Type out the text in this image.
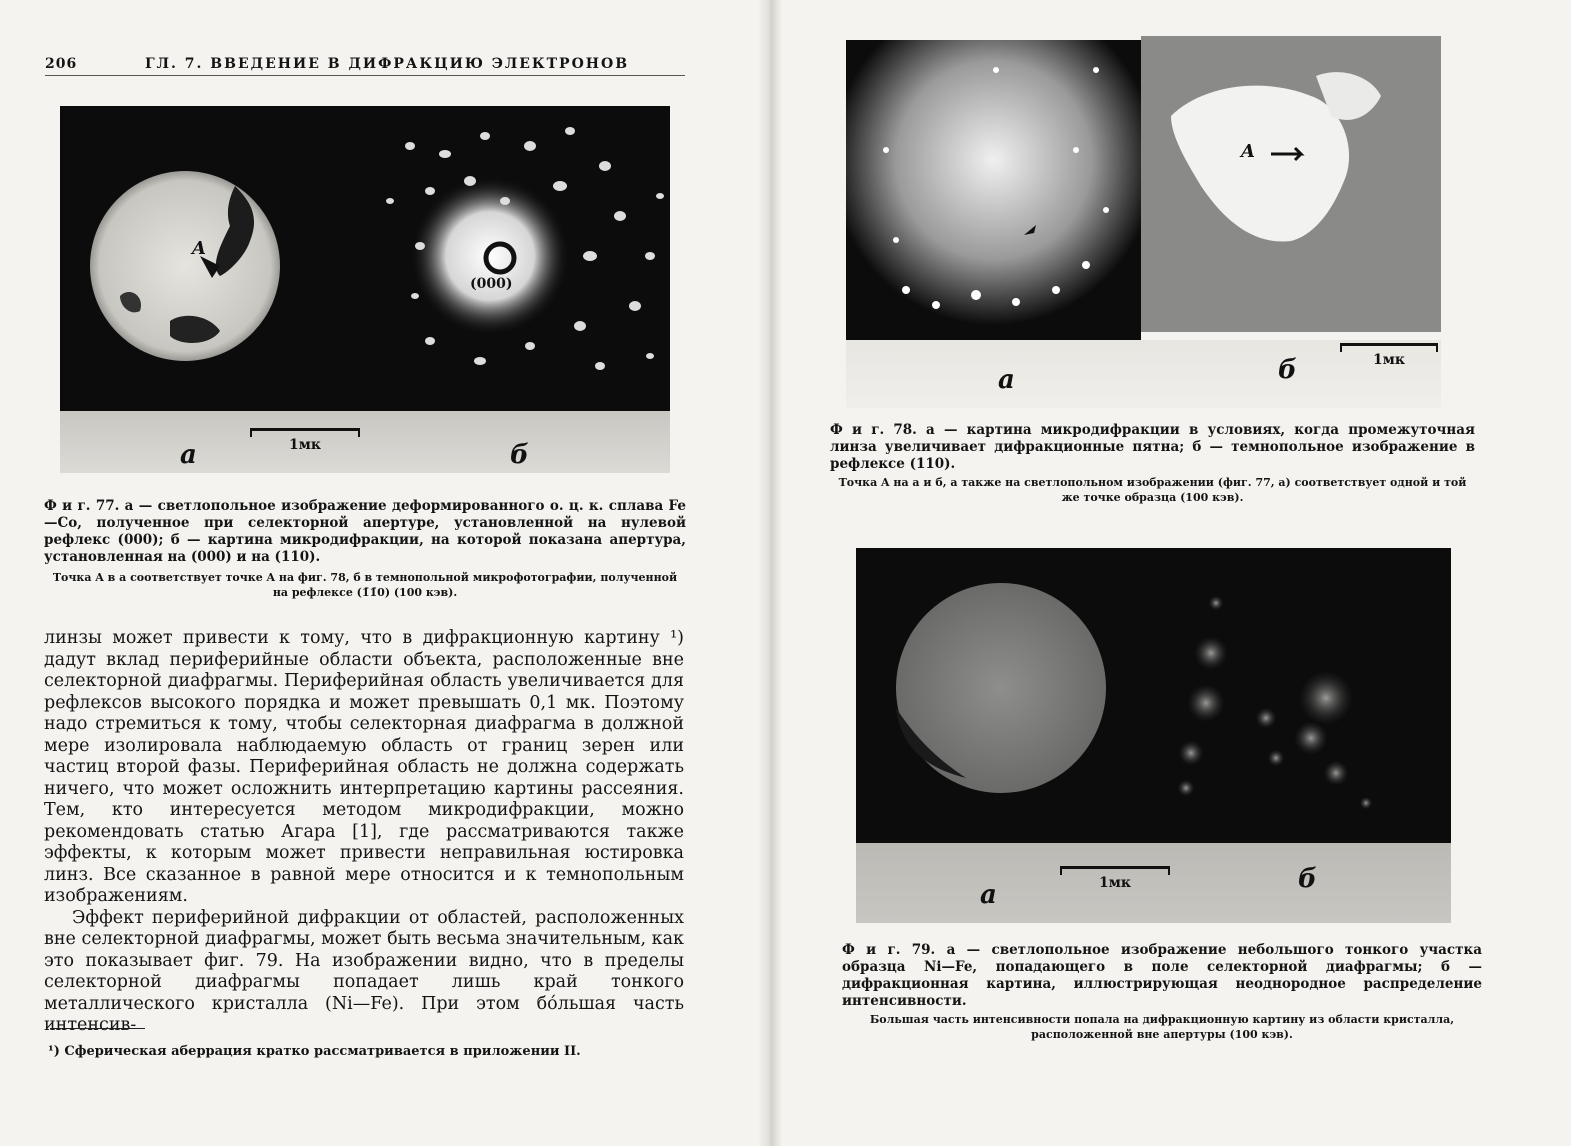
206	ГЛ. 7. ВВЕДЕНИЕ В ДИФРАКЦИЮ ЭЛЕКТРОНОВ

A
(000)
a	б
1мк
Ф и г. 77. а — светлопольное изображение деформированного о. ц. к. сплава Fe—Co, полученное при селекторной апертуре, установленной на нулевой рефлекс (000); б — картина микродифракции, на которой показана апертура, установленная на (000) и на (110).
Точка A в a соответствует точке A на фиг. 78, б в темнопольной микрофотографии, полученной на рефлексе (1̄1̄0) (100 кэв).

линзы может привести к тому, что в дифракционную картину ¹) дадут вклад периферийные области объекта, расположенные вне селекторной диафрагмы. Периферийная область увеличивается для рефлексов высокого порядка и может превышать 0,1 мк. Поэтому надо стремиться к тому, чтобы селекторная диафрагма в должной мере изолировала наблюдаемую область от границ зерен или частиц второй фазы. Периферийная область не должна содержать ничего, что может осложнить интерпретацию картины рассеяния. Тем, кто интересуется методом микродифракции, можно рекомендовать статью Агара [1], где рассматриваются также эффекты, к которым может привести неправильная юстировка линз. Все сказанное в равной мере относится и к темнопольным изображениям.

Эффект периферийной дифракции от областей, расположенных вне селекторной диафрагмы, может быть весьма значительным, как это показывает фиг. 79. На изображении видно, что в пределы селекторной диафрагмы попадает лишь край тонкого металлического кристалла (Ni—Fe). При этом бóльшая часть интенсив-

¹) Сферическая аберрация кратко рассматривается в приложении II.
A
a	б	1мк
Ф и г. 78. а — картина микродифракции в условиях, когда промежуточная линза увеличивает дифракционные пятна; б — темнопольное изображение в рефлексе (110).
Точка A на a и б, а также на светлопольном изображении (фиг. 77, а) соответствует одной и той же точке образца (100 кэв).
a
б
1мк
Ф и г. 79. а — светлопольное изображение небольшого тонкого участка образца Ni—Fe, попадающего в поле селекторной диафрагмы; б — дифракционная картина, иллюстрирующая неоднородное распределение интенсивности.
Большая часть интенсивности попала на дифракционную картину из области кристалла, расположенной вне апертуры (100 кэв).
